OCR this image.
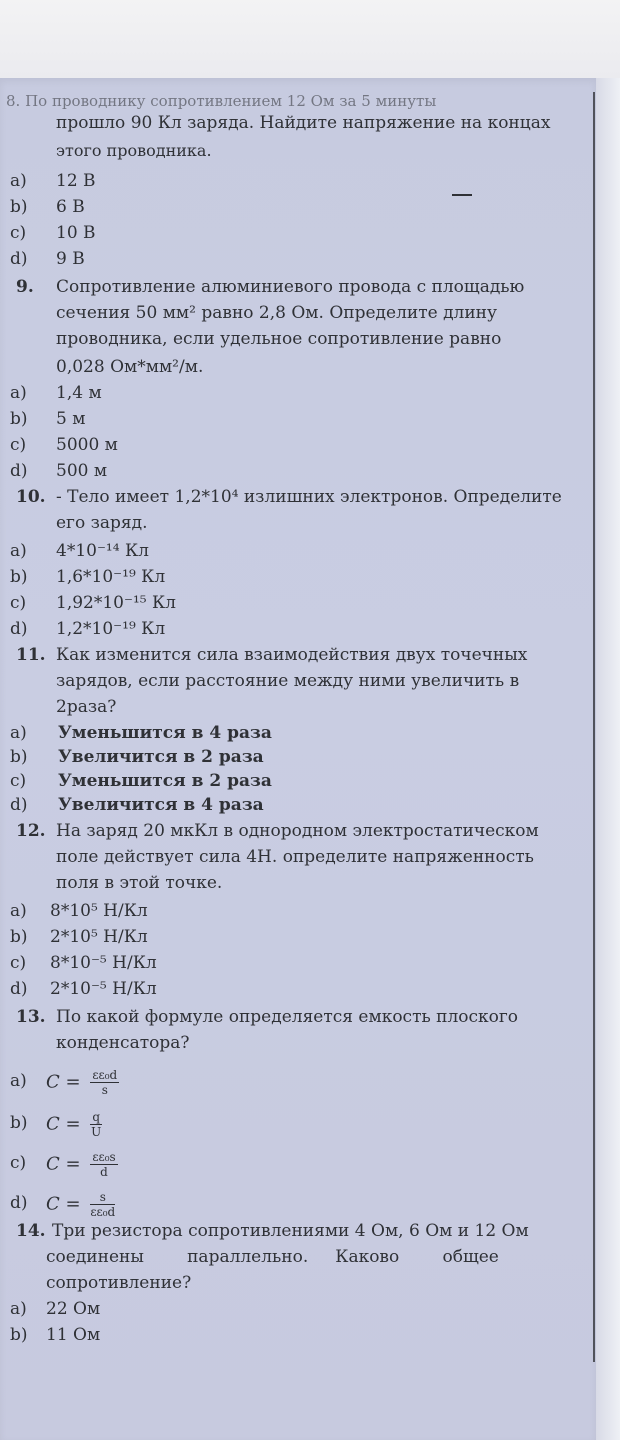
8. По проводнику сопротивлением 12 Ом за 5 минуты
прошло 90 Кл заряда. Найдите напряжение на концах
этого проводника.
a) 12 В
b) 6 В
c) 10 В
d) 9 В
9. Сопротивление алюминиевого провода с площадью
сечения 50 мм² равно 2,8 Ом. Определите длину
проводника, если удельное сопротивление равно
0,028 Ом*мм²/м.
a) 1,4 м
b) 5 м
c) 5000 м
d) 500 м
10. - Тело имеет 1,2*10⁴ излишних электронов. Определите
его заряд.
a) 4*10⁻¹⁴ Кл
b) 1,6*10⁻¹⁹ Кл
c) 1,92*10⁻¹⁵ Кл
d) 1,2*10⁻¹⁹ Кл
11. Как изменится сила взаимодействия двух точечных
зарядов, если расстояние между ними увеличить в
2раза?
a) Уменьшится в 4 раза
b) Увеличится в 2 раза
c) Уменьшится в 2 раза
d) Увеличится в 4 раза
12. На заряд 20 мкКл в однородном электростатическом
поле действует сила 4Н. определите напряженность
поля в этой точке.
a) 8*10⁵ Н/Кл
b) 2*10⁵ Н/Кл
c) 8*10⁻⁵ Н/Кл
d) 2*10⁻⁵ Н/Кл
13. По какой формуле определяется емкость плоского
конденсатора?
a) $C = \frac{\text{εε₀d}}{s}$
b) $C = \frac{q}{U}$
c) $C = \frac{\text{εε₀s}}{d}$
d) $C = \frac{s}{\text{εε₀d}}$
14. Три резистора сопротивлениями 4 Ом, 6 Ом и 12 Ом
соединены        параллельно.     Каково        общее
сопротивление?
a) 22 Ом
b) 11 Ом
